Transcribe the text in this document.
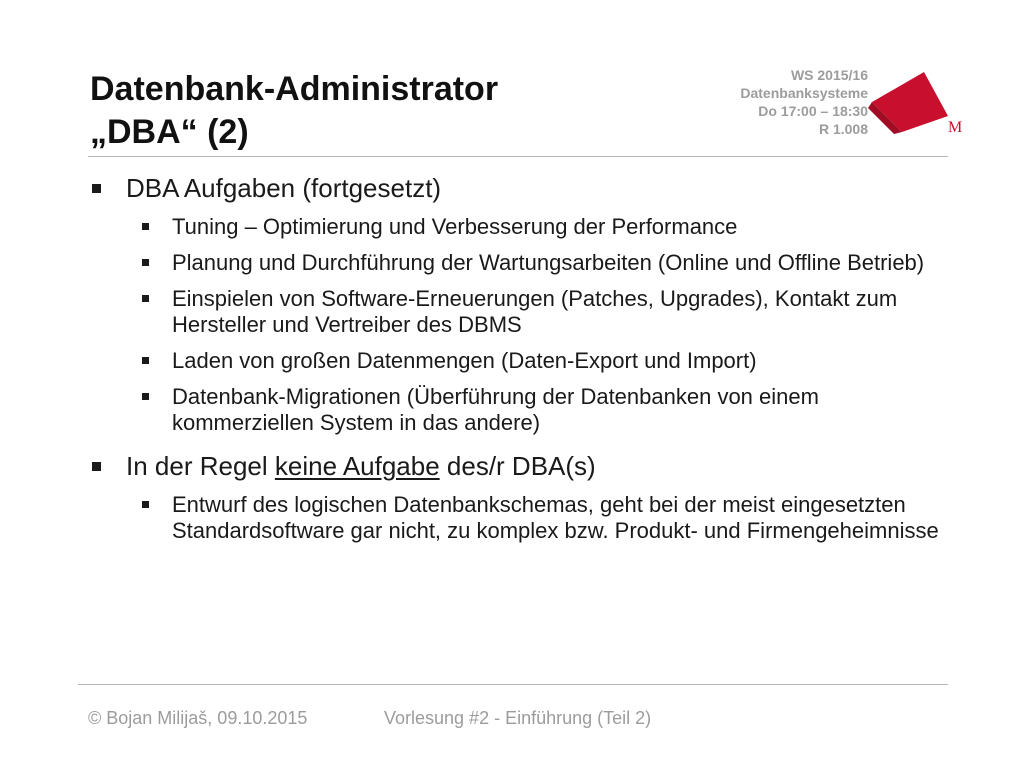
Datenbank-Administrator
„DBA“ (2)
WS 2015/16
Datenbanksysteme
Do 17:00 – 18:30
R 1.008	M
DBA Aufgaben (fortgesetzt)
Tuning – Optimierung und Verbesserung der Performance
Planung und Durchführung der Wartungsarbeiten (Online und Offline Betrieb)
Einspielen von Software-Erneuerungen (Patches, Upgrades), Kontakt zum Hersteller und Vertreiber des DBMS
Laden von großen Datenmengen (Daten-Export und Import)
Datenbank-Migrationen (Überführung der Datenbanken von einem kommerziellen System in das andere)
In der Regel keine Aufgabe des/r DBA(s)
Entwurf des logischen Datenbankschemas, geht bei der meist eingesetzten Standardsoftware gar nicht, zu komplex bzw. Produkt- und Firmengeheimnisse
© Bojan Milijaš, 09.10.2015	Vorlesung #2 - Einführung (Teil 2)
